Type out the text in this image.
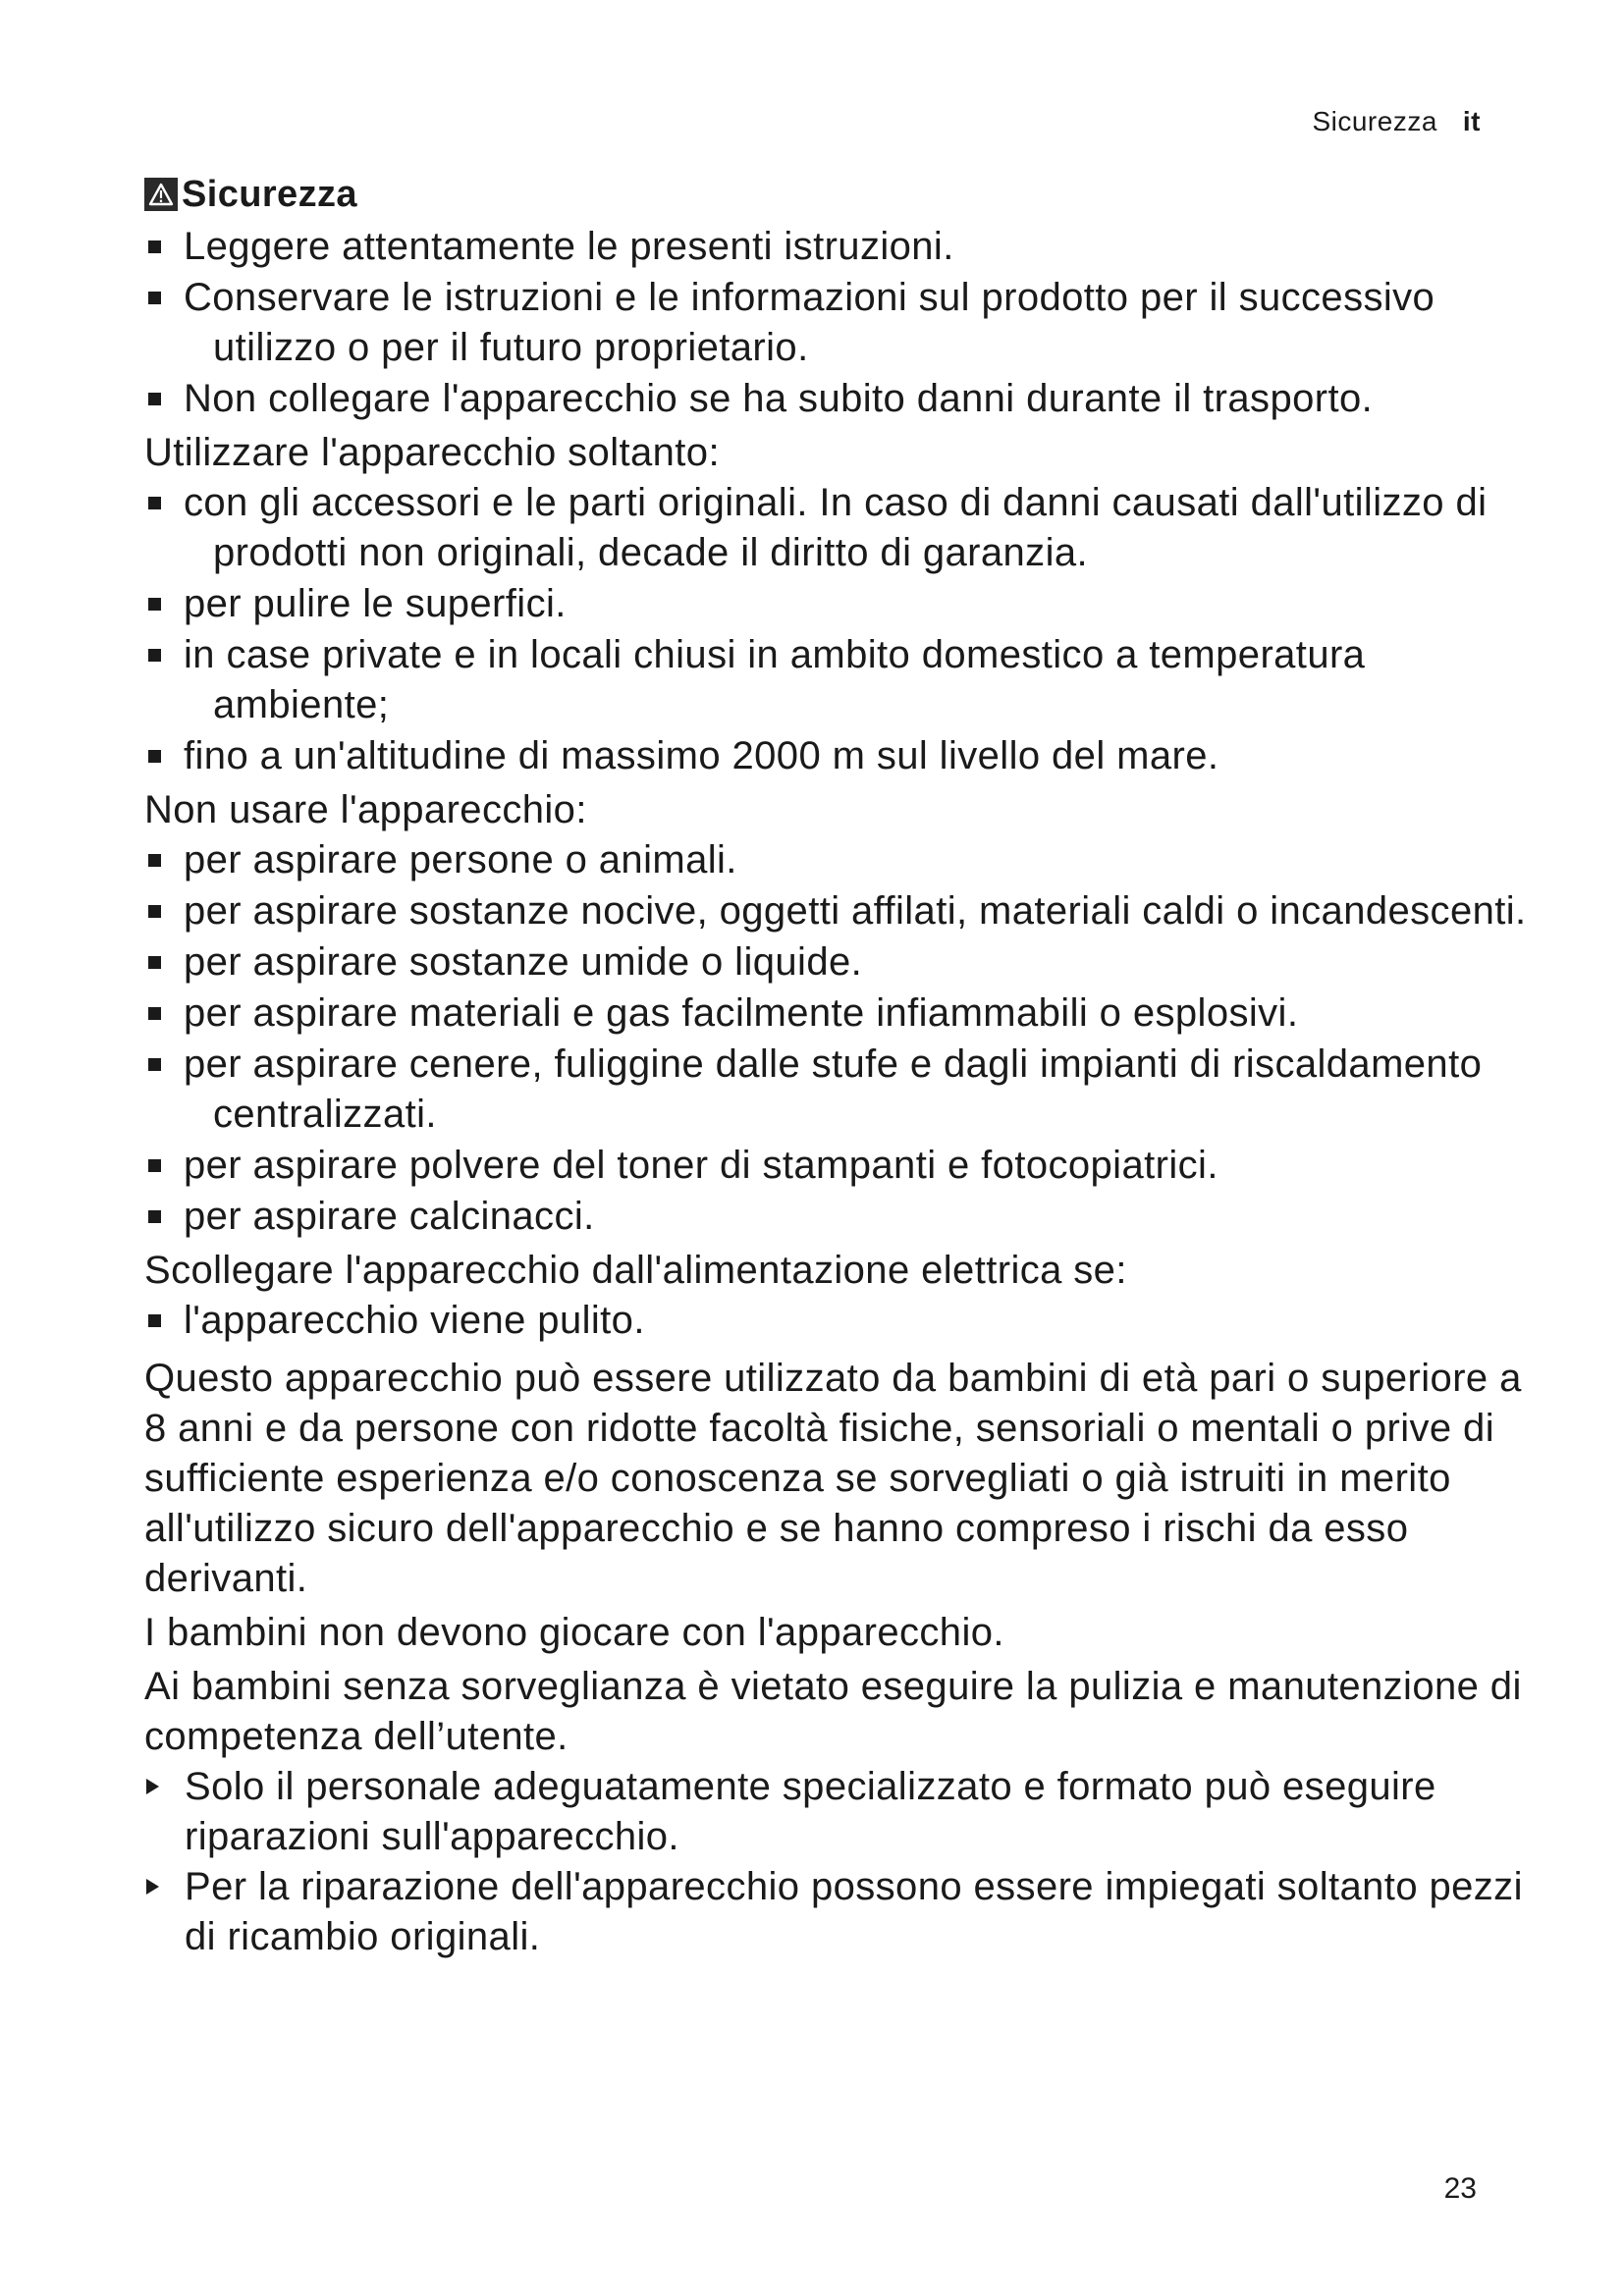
Sicurezza it
Sicurezza
Leggere attentamente le presenti istruzioni.
Conservare le istruzioni e le informazioni sul prodotto per il successivo utilizzo o per il futuro proprietario.
Non collegare l'apparecchio se ha subito danni durante il trasporto.

Utilizzare l'apparecchio soltanto:

con gli accessori e le parti originali. In caso di danni causati dall'utilizzo di prodotti non originali, decade il diritto di garanzia.
per pulire le superfici.
in case private e in locali chiusi in ambito domestico a temperatura ambiente;
fino a un'altitudine di massimo 2000 m sul livello del mare.

Non usare l'apparecchio:

per aspirare persone o animali.
per aspirare sostanze nocive, oggetti affilati, materiali caldi o incandescenti.
per aspirare sostanze umide o liquide.
per aspirare materiali e gas facilmente infiammabili o esplosivi.
per aspirare cenere, fuliggine dalle stufe e dagli impianti di riscaldamento centralizzati.
per aspirare polvere del toner di stampanti e fotocopiatrici.
per aspirare calcinacci.

Scollegare l'apparecchio dall'alimentazione elettrica se:

l'apparecchio viene pulito.

Questo apparecchio può essere utilizzato da bambini di età pari o superiore a 8 anni e da persone con ridotte facoltà fisiche, sensoriali o mentali o prive di sufficiente esperienza e/o conoscenza se sorvegliati o già istruiti in merito all'utilizzo sicuro dell'apparecchio e se hanno compreso i rischi da esso derivanti.

I bambini non devono giocare con l'apparecchio.

Ai bambini senza sorveglianza è vietato eseguire la pulizia e manutenzione di competenza dell’utente.

Solo il personale adeguatamente specializzato e formato può eseguire riparazioni sull'apparecchio.
Per la riparazione dell'apparecchio possono essere impiegati soltanto pezzi di ricambio originali.
23
